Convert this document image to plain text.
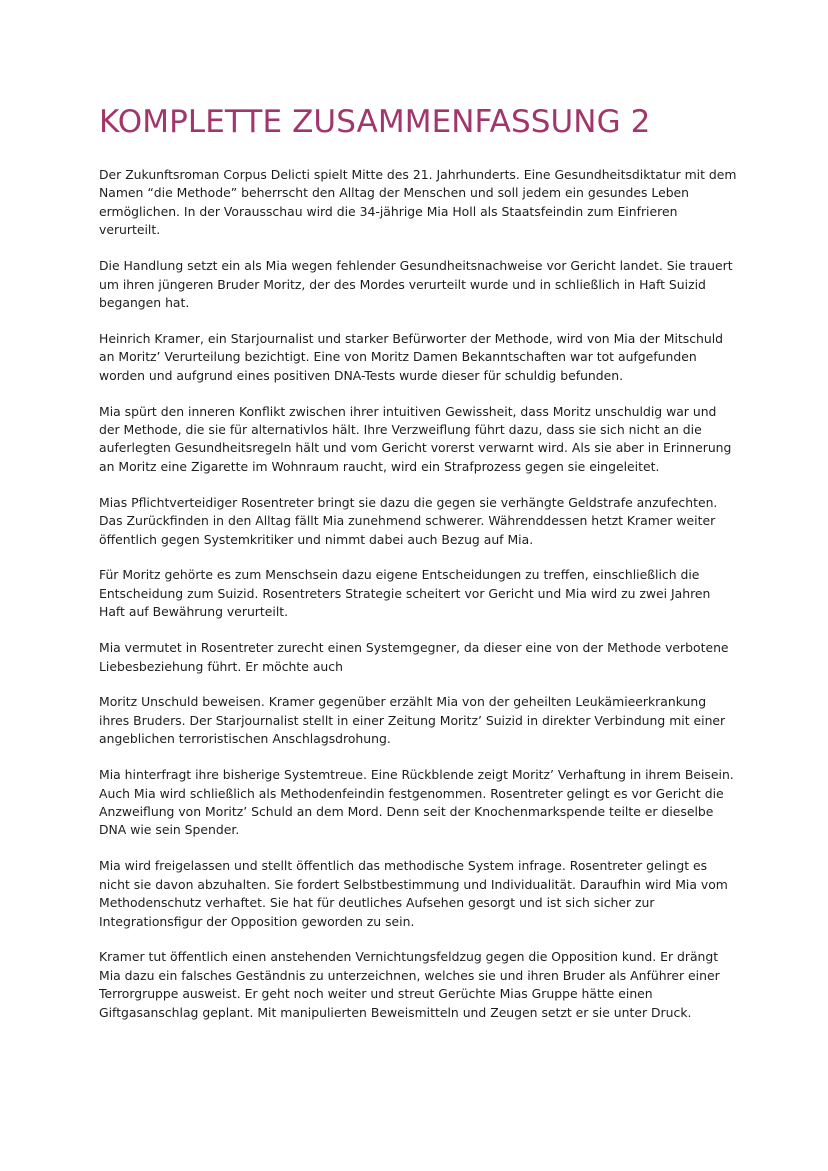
KOMPLETTE ZUSAMMENFASSUNG 2

Der Zukunftsroman Corpus Delicti spielt Mitte des 21. Jahrhunderts. Eine Gesundheitsdiktatur mit dem Namen “die Methode” beherrscht den Alltag der Menschen und soll jedem ein gesundes Leben ermöglichen. In der Vorausschau wird die 34-jährige Mia Holl als Staatsfeindin zum Einfrieren verurteilt.

Die Handlung setzt ein als Mia wegen fehlender Gesundheitsnachweise vor Gericht landet. Sie trauert um ihren jüngeren Bruder Moritz, der des Mordes verurteilt wurde und in schließlich in Haft Suizid begangen hat.

Heinrich Kramer, ein Starjournalist und starker Befürworter der Methode, wird von Mia der Mitschuld an Moritz’ Verurteilung bezichtigt. Eine von Moritz Damen Bekanntschaften war tot aufgefunden worden und aufgrund eines positiven DNA-Tests wurde dieser für schuldig befunden.

Mia spürt den inneren Konflikt zwischen ihrer intuitiven Gewissheit, dass Moritz unschuldig war und der Methode, die sie für alternativlos hält. Ihre Verzweiflung führt dazu, dass sie sich nicht an die auferlegten Gesundheitsregeln hält und vom Gericht vorerst verwarnt wird. Als sie aber in Erinnerung an Moritz eine Zigarette im Wohnraum raucht, wird ein Strafprozess gegen sie eingeleitet.

Mias Pflichtverteidiger Rosentreter bringt sie dazu die gegen sie verhängte Geldstrafe anzufechten. Das Zurückfinden in den Alltag fällt Mia zunehmend schwerer. Währenddessen hetzt Kramer weiter öffentlich gegen Systemkritiker und nimmt dabei auch Bezug auf Mia.

Für Moritz gehörte es zum Menschsein dazu eigene Entscheidungen zu treffen, einschließlich die Entscheidung zum Suizid. Rosentreters Strategie scheitert vor Gericht und Mia wird zu zwei Jahren Haft auf Bewährung verurteilt.

Mia vermutet in Rosentreter zurecht einen Systemgegner, da dieser eine von der Methode verbotene Liebesbeziehung führt. Er möchte auch

Moritz Unschuld beweisen. Kramer gegenüber erzählt Mia von der geheilten Leukämieerkrankung ihres Bruders. Der Starjournalist stellt in einer Zeitung Moritz’ Suizid in direkter Verbindung mit einer angeblichen terroristischen Anschlagsdrohung.

Mia hinterfragt ihre bisherige Systemtreue. Eine Rückblende zeigt Moritz’ Verhaftung in ihrem Beisein. Auch Mia wird schließlich als Methodenfeindin festgenommen. Rosentreter gelingt es vor Gericht die Anzweiflung von Moritz’ Schuld an dem Mord. Denn seit der Knochenmarkspende teilte er dieselbe DNA wie sein Spender.

Mia wird freigelassen und stellt öffentlich das methodische System infrage. Rosentreter gelingt es nicht sie davon abzuhalten. Sie fordert Selbstbestimmung und Individualität. Daraufhin wird Mia vom Methodenschutz verhaftet. Sie hat für deutliches Aufsehen gesorgt und ist sich sicher zur Integrationsfigur der Opposition geworden zu sein.

Kramer tut öffentlich einen anstehenden Vernichtungsfeldzug gegen die Opposition kund. Er drängt Mia dazu ein falsches Geständnis zu unterzeichnen, welches sie und ihren Bruder als Anführer einer Terrorgruppe ausweist. Er geht noch weiter und streut Gerüchte Mias Gruppe hätte einen Giftgasanschlag geplant. Mit manipulierten Beweismitteln und Zeugen setzt er sie unter Druck.
